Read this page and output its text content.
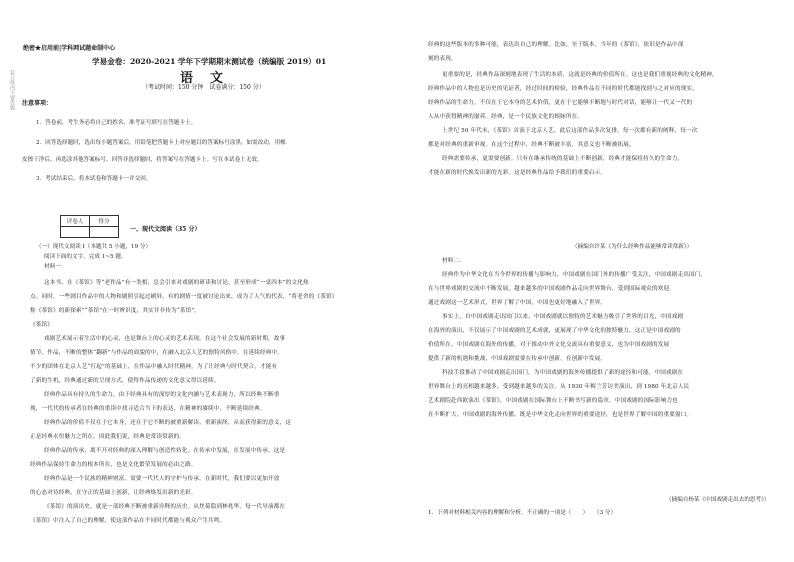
装订线内不要答题
绝密★启用前|学科网试题命制中心
学易金卷：2020-2021 学年下学期期末测试卷（统编版 2019）01
语　文
（考试时间：150 分钟　试卷满分：150 分）
注意事项：
1．答卷前，考生务必将自己的姓名、准考证号填写在答题卡上。
2．回答选择题时，选出每小题答案后，用铅笔把答题卡上对应题目的答案标号涂黑。如需改动，用橡
皮擦干净后，再选涂其他答案标号。回答非选择题时，将答案写在答题卡上。写在本试卷上无效。
3．考试结束后，将本试卷和答题卡一并交回。
评卷人	得分

一、现代文阅读（35 分）
（一）现代文阅读 I（本题共 5 小题，19 分）
阅读下面的文字，完成 1~5 题。
材料一：
这本书，在《茶馆》等“老作品”有一类相，总会引来对戏剧的研读和讨论，甚至形成“一桌四本”的文化热
点。同时，一些剧目作品中的人物和剧照引起过刷屏，有的剧情一度被讨论出来，成为了人气的代表，“将老舍的《茶馆》
称《茶馆》的新探索”“茶馆”在一时辨识度，其实并非传为“茶馆”。
《茶馆》
戏剧艺术展示着生活中的心灵，也是舞台上的心灵的艺术表现。在这个社会发展的新时期，故事
情节、作品，不断的整体“翻新”与作品的面貌的中，在融入北京人艺的独特风格中，在延续经典中，
不少的团体在北京人艺“打起”的基础上，在作品中融入时代精神，为了让经典与时代契合，才能有
了新的生机，经典通过新的呈现方式，使得作品传递的文化意义得以延续。
经典作品具有持久的生命力，由于经典具有的深厚的文化内涵与艺术表现力，所以经典不断重
现，一代代的传承者在经典的重读中找寻适合当下的表达，在精神的赓续中，不断延续经典。
经典作品的价值不仅在于它本身，还在于它不断的被重新解读、重新演绎，从而获得新的意义，这
正是经典永恒魅力之所在，因此我们说，经典是常读常新的。
经典作品的传承，离不开对经典的深入理解与创造性转化。在传承中发展，在发展中传承，这是
经典作品保持生命力的根本所在，也是文化繁荣发展的必由之路。
经典作品是一个民族的精神财富，需要一代代人的守护与传承。在新时代，我们要以更加开放
的心态对待经典，在守正的基础上创新，让经典焕发出新的光彩。
《茶馆》的演出史，就是一部经典不断被重新诠释的历史。从焦菊隐到林兆华，每一代导演都在
《茶馆》中注入了自己的理解，使这部作品在不同时代都能与观众产生共鸣。
经典的这些版本的多种可能，表达出自己的理解。比如，至于版本，当年的《茶馆》，依旧是作品中深
刻的表现。
更重要的是，经典作品深刻地表现了生活的本质，这就是经典的价值所在。这也是我们重视经典的文化精神，
经典作品中的人物也是历史的见证者，经过时间的检验，经典作品在不同的时代都能找到与之对应的现实，
经典作品的生命力，不仅在于它本身的艺术价值，更在于它能够不断地与时代对话，能够让一代又一代的
人从中获得精神的滋养。经典，是一个民族文化的根脉所在。
上世纪 50 年代末，《茶馆》首演于北京人艺，此后这部作品多次复排，每一次都有新的阐释，每一次
都是对经典的重新审视。在这个过程中，经典不断被丰富，其意义也不断被拓展。
经典需要传承，更需要创新。只有在继承传统的基础上不断创新，经典才能保持持久的生命力，
才能在新的时代焕发出新的光彩。这是经典作品给予我们的重要启示。
（摘编自许某《为什么经典作品能够常读常新》）
材料二：
经典作为中华文化在当今世界的传播与影响力，中国戏剧在国门外的传播广受关注，中国戏剧走出国门，
在与世界戏剧的交流中不断发展，越来越多的中国戏剧作品走向世界舞台，受到国际观众的欢迎。
通过戏剧这一艺术形式，世界了解了中国，中国也更好地融入了世界。
事实上，自中国戏剧走出国门以来，中国戏剧就以独特的艺术魅力吸引了世界的目光，中国戏剧
在海外的演出，不仅展示了中国戏剧的艺术成就，更展现了中华文化的独特魅力，这正是中国戏剧的
价值所在。中国戏剧在海外的传播，对于推动中外文化交流具有重要意义，也为中国戏剧的发展
提供了新的机遇和挑战，中国戏剧需要在传承中创新，在创新中发展。
科技手段推动了中国戏剧走出国门，为中国戏剧的海外传播提供了新的途径和可能，中国戏剧在
世界舞台上的亮相越来越多，受到越来越多的关注。从 1930 年梅兰芳访美演出，到 1980 年北京人民
艺术剧院赴西欧演出《茶馆》，中国戏剧在国际舞台上不断书写新的篇章，中国戏剧的国际影响力也
在不断扩大。中国戏剧的海外传播，既是中华文化走向世界的重要途径，也是世界了解中国的重要窗口。
（摘编自杨某《中国戏剧走出去的思考》）
1．下列对材料相关内容的理解和分析，不正确的一项是（　　） （3 分）
